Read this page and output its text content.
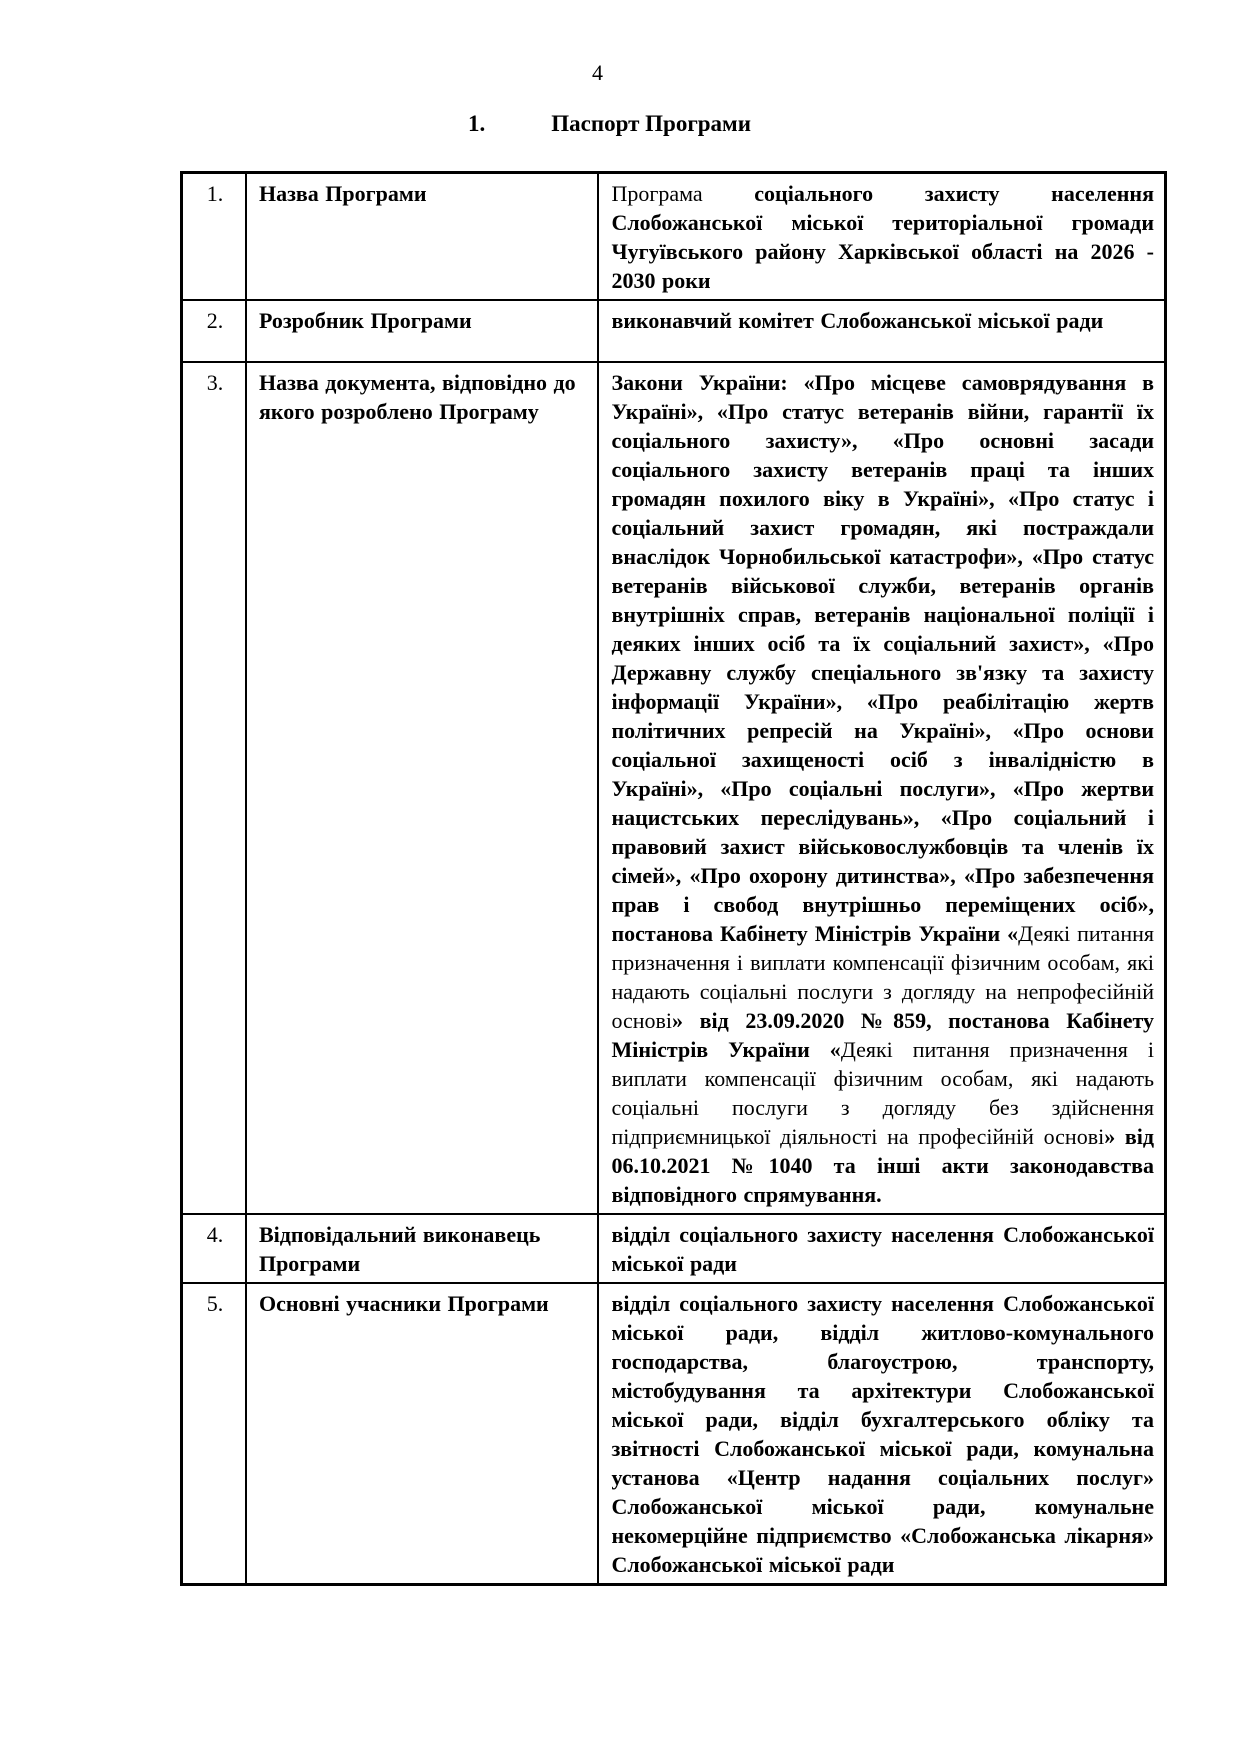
4
1.	Паспорт Програми
1.	Назва Програми	Програма соціального захисту населення Слобожанської міської територіальної громади Чугуївського району Харківської області на 2026 - 2030 роки
2.	Розробник Програми	виконавчий комітет Слобожанської міської ради
3.	Назва документа, відповідно до якого розроблено Програму	Закони України: «Про місцеве самоврядування в Україні», «Про статус ветеранів війни, гарантії їх соціального захисту», «Про основні засади соціального захисту ветеранів праці та інших громадян похилого віку в Україні», «Про статус і соціальний захист громадян, які постраждали внаслідок Чорнобильської катастрофи», «Про статус ветеранів військової служби, ветеранів органів внутрішніх справ, ветеранів національної поліції і деяких інших осіб та їх соціальний захист», «Про Державну службу спеціального зв'язку та захисту інформації України», «Про реабілітацію жертв політичних репресій на Україні», «Про основи соціальної захищеності осіб з інвалідністю в Україні», «Про соціальні послуги», «Про жертви нацистських переслідувань», «Про соціальний і правовий захист військовослужбовців та членів їх сімей», «Про охорону дитинства», «Про забезпечення прав і свобод внутрішньо переміщених осіб», постанова Кабінету Міністрів України «Деякі питання призначення і виплати компенсації фізичним особам, які надають соціальні послуги з догляду на непрофесійній основі» від 23.09.2020 №859, постанова Кабінету Міністрів України «Деякі питання призначення і виплати компенсації фізичним особам, які надають соціальні послуги з догляду без здійснення підприємницької діяльності на професійній основі» від 06.10.2021 №1040 та інші акти законодавства відповідного спрямування.
4.	Відповідальний виконавець Програми	відділ соціального захисту населення Слобожанської міської ради
5.	Основні учасники Програми	відділ соціального захисту населення Слобожанської міської ради, відділ житлово-комунального господарства, благоустрою, транспорту, містобудування та архітектури Слобожанської міської ради, відділ бухгалтерського обліку та звітності Слобожанської міської ради, комунальна установа «Центр надання соціальних послуг» Слобожанської міської ради, комунальне некомерційне підприємство «Слобожанська лікарня» Слобожанської міської ради
